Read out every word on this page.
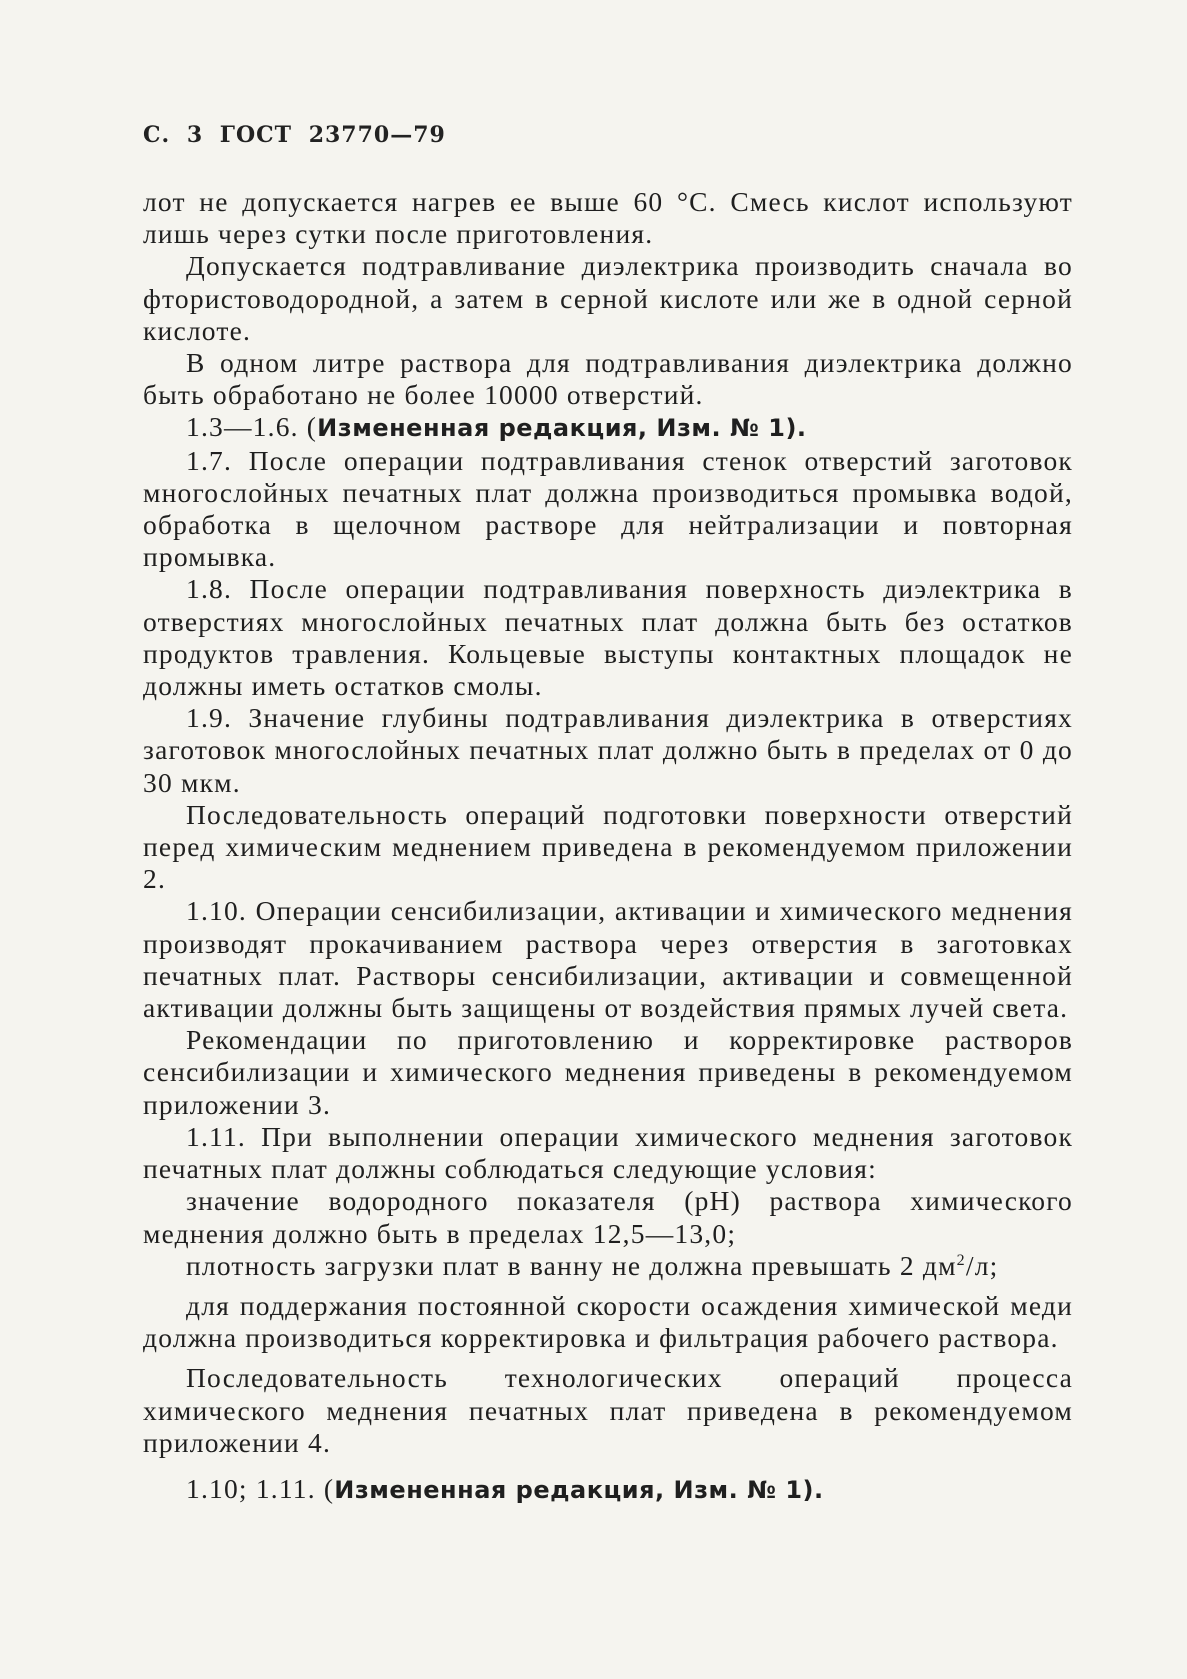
С. 3 ГОСТ 23770—79

лот не допускается нагрев ее выше 60 °С. Смесь кислот используют лишь через сутки после приготовления.

Допускается подтравливание диэлектрика производить сначала во фтористоводородной, а затем в серной кислоте или же в одной серной кислоте.

В одном литре раствора для подтравливания диэлектрика должно быть обработано не более 10000 отверстий.

1.3—1.6. (Измененная редакция, Изм. № 1).

1.7. После операции подтравливания стенок отверстий заготовок многослойных печатных плат должна производиться промывка водой, обработка в щелочном растворе для нейтрализации и повторная промывка.

1.8. После операции подтравливания поверхность диэлектрика в отверстиях многослойных печатных плат должна быть без остатков продуктов травления. Кольцевые выступы контактных площадок не должны иметь остатков смолы.

1.9. Значение глубины подтравливания диэлектрика в отверстиях заготовок многослойных печатных плат должно быть в пределах от 0 до 30 мкм.

Последовательность операций подготовки поверхности отверстий перед химическим меднением приведена в рекомендуемом приложении 2.

1.10. Операции сенсибилизации, активации и химического меднения производят прокачиванием раствора через отверстия в заготовках печатных плат. Растворы сенсибилизации, активации и совмещенной активации должны быть защищены от воздействия прямых лучей света.

Рекомендации по приготовлению и корректировке растворов сенсибилизации и химического меднения приведены в рекомендуемом приложении 3.

1.11. При выполнении операции химического меднения заготовок печатных плат должны соблюдаться следующие условия:

значение водородного показателя (pH) раствора химического меднения должно быть в пределах 12,5—13,0;

плотность загрузки плат в ванну не должна превышать 2 $дм^2/л$;

для поддержания постоянной скорости осаждения химической меди должна производиться корректировка и фильтрация рабочего раствора.

Последовательность технологических операций процесса химического меднения печатных плат приведена в рекомендуемом приложении 4.

1.10; 1.11. (Измененная редакция, Изм. № 1).
